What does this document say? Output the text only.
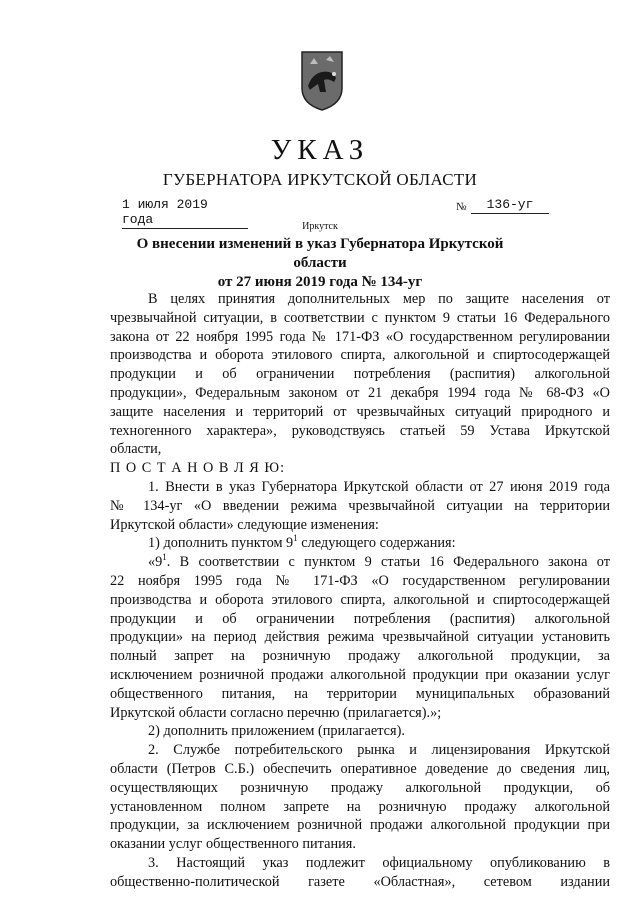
УКАЗ
ГУБЕРНАТОРА ИРКУТСКОЙ ОБЛАСТИ
1 июля 2019 года
№	136-уг
Иркутск
О внесении изменений в указ Губернатора Иркутской области
от 27 июня 2019 года № 134-уг

В целях принятия дополнительных мер по защите населения от

чрезвычайной ситуации, в соответствии с пунктом 9 статьи 16 Федерального

закона от 22 ноября 1995 года № 171-ФЗ «О государственном регулировании

производства и оборота этилового спирта, алкогольной и спиртосодержащей

продукции и об ограничении потребления (распития) алкогольной

продукции», Федеральным законом от 21 декабря 1994 года № 68-ФЗ «О

защите населения и территорий от чрезвычайных ситуаций природного и

техногенного характера», руководствуясь статьей 59 Устава Иркутской

области,

П О С Т А Н О В Л Я Ю:

1. Внести в указ Губернатора Иркутской области от 27 июня 2019 года

№ 134-уг «О введении режима чрезвычайной ситуации на территории

Иркутской области» следующие изменения:

1) дополнить пунктом $9^1$ следующего содержания:

«$9^1$. В соответствии с пунктом 9 статьи 16 Федерального закона от

22 ноября 1995 года № 171-ФЗ «О государственном регулировании

производства и оборота этилового спирта, алкогольной и спиртосодержащей

продукции и об ограничении потребления (распития) алкогольной

продукции» на период действия режима чрезвычайной ситуации установить

полный запрет на розничную продажу алкогольной продукции, за

исключением розничной продажи алкогольной продукции при оказании услуг

общественного питания, на территории муниципальных образований

Иркутской области согласно перечню (прилагается).»;

2) дополнить приложением (прилагается).

2. Службе потребительского рынка и лицензирования Иркутской

области (Петров С.Б.) обеспечить оперативное доведение до сведения лиц,

осуществляющих розничную продажу алкогольной продукции, об

установленном полном запрете на розничную продажу алкогольной

продукции, за исключением розничной продажи алкогольной продукции при

оказании услуг общественного питания.

3. Настоящий указ подлежит официальному опубликованию в

общественно-политической газете «Областная», сетевом издании
